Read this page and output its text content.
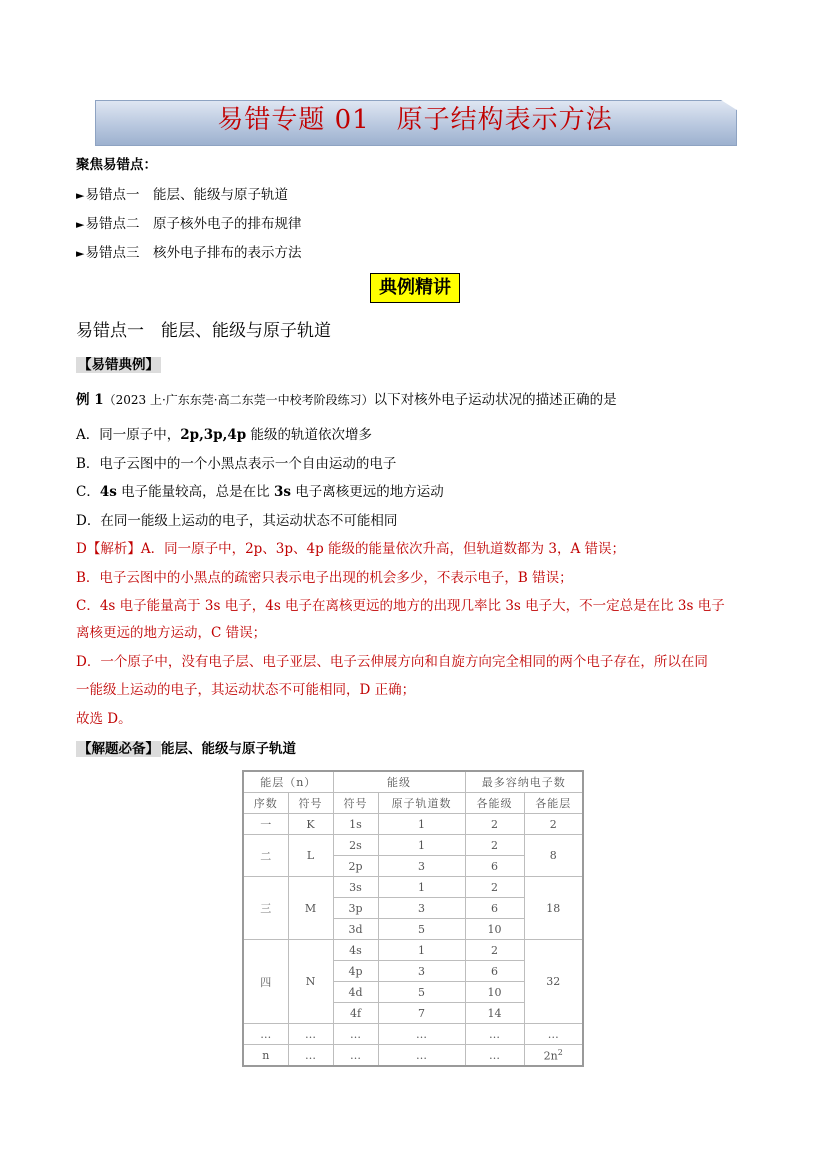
易错专题 01　原子结构表示方法
聚焦易错点：
►易错点一　能层、能级与原子轨道
►易错点二　原子核外电子的排布规律
►易错点三　核外电子排布的表示方法
典例精讲
易错点一　能层、能级与原子轨道
【易错典例】
例 1（2023 上·广东东莞·高二东莞一中校考阶段练习）以下对核外电子运动状况的描述正确的是
A．同一原子中，2p,3p,4p 能级的轨道依次增多
B．电子云图中的一个小黑点表示一个自由运动的电子
C．4s 电子能量较高，总是在比 3s 电子离核更远的地方运动
D．在同一能级上运动的电子，其运动状态不可能相同
D【解析】A．同一原子中，2p、3p、4p 能级的能量依次升高，但轨道数都为 3，A 错误；
B．电子云图中的小黑点的疏密只表示电子出现的机会多少，不表示电子，B 错误；
C．4s 电子能量高于 3s 电子，4s 电子在离核更远的地方的出现几率比 3s 电子大，不一定总是在比 3s 电子
离核更远的地方运动，C 错误；
D．一个原子中，没有电子层、电子亚层、电子云伸展方向和自旋方向完全相同的两个电子存在，所以在同
一能级上运动的电子，其运动状态不可能相同，D 正确；
故选 D。
【解题必备】 能层、能级与原子轨道
能层（n）		能级		最多容纳电子数	
序数	符号	符号	原子轨道数	各能级	各能层
一	K	1s	1	2	2
二	L	2s	1	2	8
		2p	3	6	
三	M	3s	1	2	18
		3p	3	6	
		3d	5	10	
四	N	4s	1	2	32
		4p	3	6	
		4d	5	10	
		4f	7	14	
…	…	…	…	…	…
n	…	…	…	…	$2n^2$
